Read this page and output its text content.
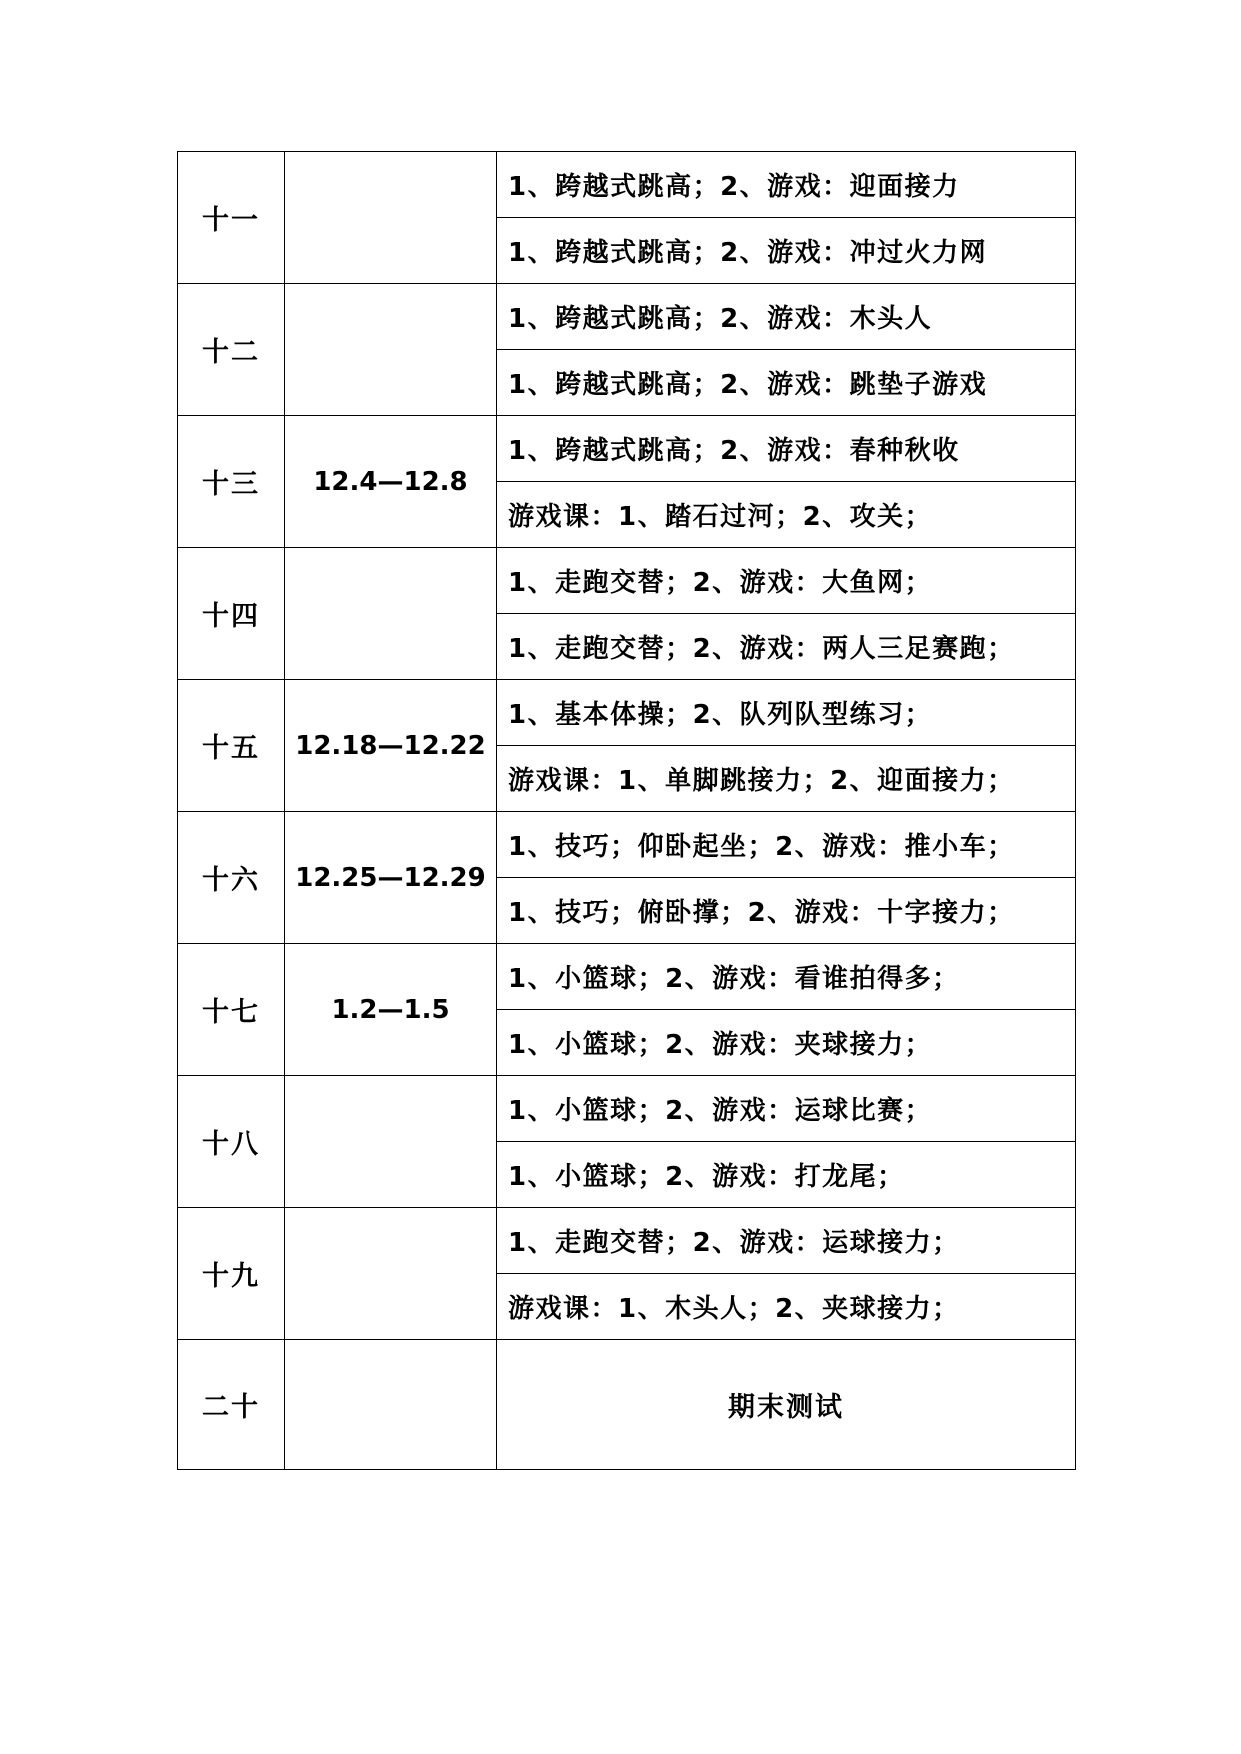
十一		1、跨越式跳高；2、游戏：迎面接力
		1、跨越式跳高；2、游戏：冲过火力网
十二		1、跨越式跳高；2、游戏：木头人
		1、跨越式跳高；2、游戏：跳垫子游戏
十三	12.4—12.8	1、跨越式跳高；2、游戏：春种秋收
		游戏课：1、踏石过河；2、攻关；
十四		1、走跑交替；2、游戏：大鱼网；
		1、走跑交替；2、游戏：两人三足赛跑；
十五	12.18—12.22	1、基本体操；2、队列队型练习；
		游戏课：1、单脚跳接力；2、迎面接力；
十六	12.25—12.29	1、技巧；仰卧起坐；2、游戏：推小车；
		1、技巧；俯卧撑；2、游戏：十字接力；
十七	1.2—1.5	1、小篮球；2、游戏：看谁拍得多；
		1、小篮球；2、游戏：夹球接力；
十八		1、小篮球；2、游戏：运球比赛；
		1、小篮球；2、游戏：打龙尾；
十九		1、走跑交替；2、游戏：运球接力；
		游戏课：1、木头人；2、夹球接力；
二十		期末测试
